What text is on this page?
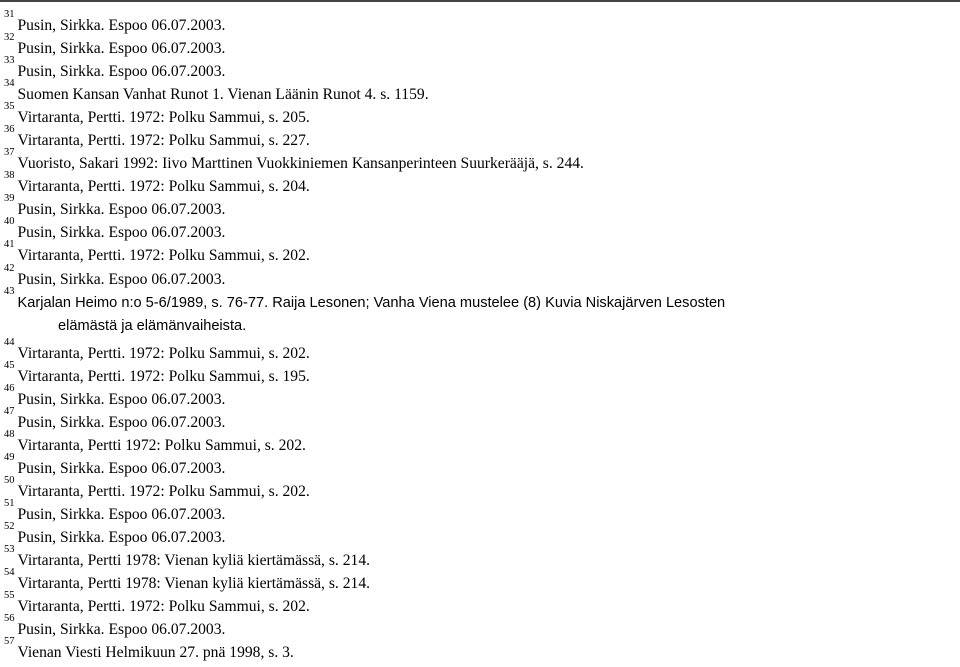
$^{31}$Pusin, Sirkka. Espoo 06.07.2003.
$^{32}$Pusin, Sirkka. Espoo 06.07.2003.
$^{33}$Pusin, Sirkka. Espoo 06.07.2003.
$^{34}$Suomen Kansan Vanhat Runot 1. Vienan Läänin Runot 4. s. 1159.
$^{35}$Virtaranta, Pertti. 1972: Polku Sammui, s. 205.
$^{36}$Virtaranta, Pertti. 1972: Polku Sammui, s. 227.
$^{37}$Vuoristo, Sakari 1992: Iivo Marttinen Vuokkiniemen Kansanperinteen Suurkerääjä, s. 244.
$^{38}$Virtaranta, Pertti. 1972: Polku Sammui, s. 204.
$^{39}$Pusin, Sirkka. Espoo 06.07.2003.
$^{40}$Pusin, Sirkka. Espoo 06.07.2003.
$^{41}$Virtaranta, Pertti. 1972: Polku Sammui, s. 202.
$^{42}$Pusin, Sirkka. Espoo 06.07.2003.
$^{43}$Karjalan Heimo n:o 5-6/1989, s. 76-77. Raija Lesonen; Vanha Viena mustelee (8) Kuvia Niskajärven Lesosten
elämästä ja elämänvaiheista.
$^{44}$Virtaranta, Pertti. 1972: Polku Sammui, s. 202.
$^{45}$Virtaranta, Pertti. 1972: Polku Sammui, s. 195.
$^{46}$Pusin, Sirkka. Espoo 06.07.2003.
$^{47}$Pusin, Sirkka. Espoo 06.07.2003.
$^{48}$Virtaranta, Pertti 1972: Polku Sammui, s. 202.
$^{49}$Pusin, Sirkka. Espoo 06.07.2003.
$^{50}$Virtaranta, Pertti. 1972: Polku Sammui, s. 202.
$^{51}$Pusin, Sirkka. Espoo 06.07.2003.
$^{52}$Pusin, Sirkka. Espoo 06.07.2003.
$^{53}$Virtaranta, Pertti 1978: Vienan kyliä kiertämässä, s. 214.
$^{54}$Virtaranta, Pertti 1978: Vienan kyliä kiertämässä, s. 214.
$^{55}$Virtaranta, Pertti. 1972: Polku Sammui, s. 202.
$^{56}$Pusin, Sirkka. Espoo 06.07.2003.
$^{57}$Vienan Viesti Helmikuun 27. pnä 1998, s. 3.
